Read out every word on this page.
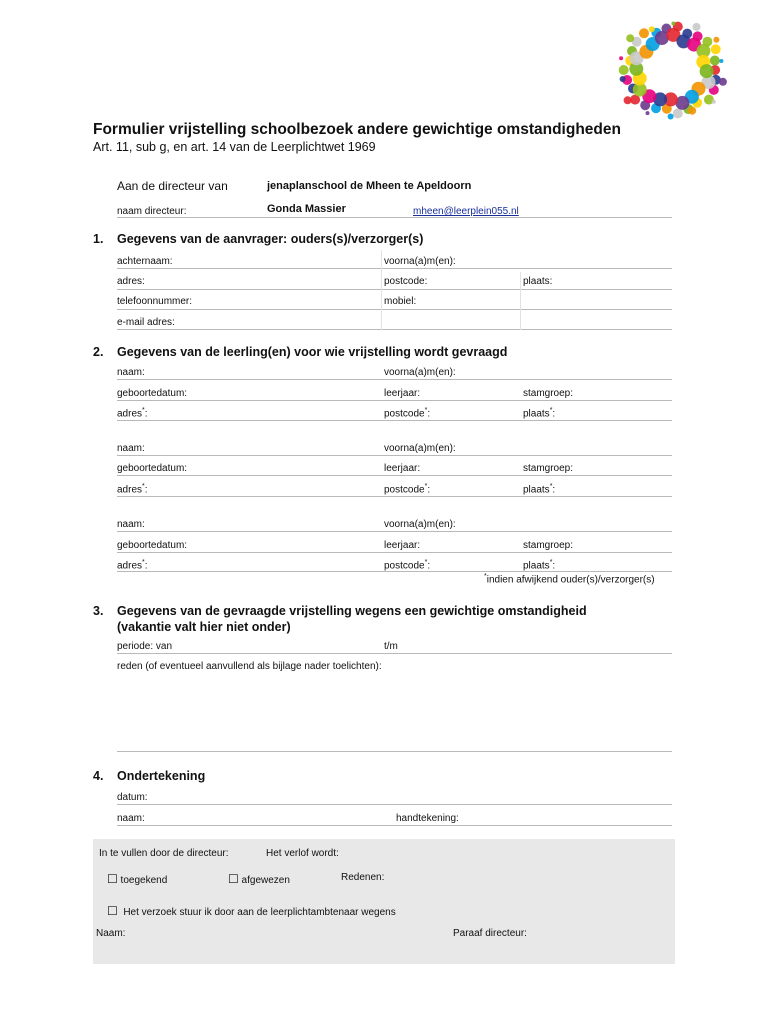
Formulier vrijstelling schoolbezoek andere gewichtige omstandigheden
Art. 11, sub g, en art. 14 van de Leerplichtwet 1969
Aan de directeur van	jenaplanschool de Mheen te Apeldoorn
naam directeur:	Gonda Massier	mheen@leerplein055.nl
1. Gegevens van de aanvrager: ouders(s)/verzorger(s)
achternaam:	voorna(a)m(en):
adres:	postcode:	plaats:
telefoonnummer:	mobiel:
e-mail adres:
2. Gegevens van de leerling(en) voor wie vrijstelling wordt gevraagd
naam:	voorna(a)m(en):
geboortedatum:	leerjaar:	stamgroep:
adres*:	postcode*:	plaats*:
naam:	voorna(a)m(en):
geboortedatum:	leerjaar:	stamgroep:
adres*:	postcode*:	plaats*:
naam:	voorna(a)m(en):
geboortedatum:	leerjaar:	stamgroep:
adres*:	postcode*:	plaats*:
*indien afwijkend ouder(s)/verzorger(s)
3. Gegevens van de gevraagde vrijstelling wegens een gewichtige omstandigheid
(vakantie valt hier niet onder)
periode: van	t/m
reden (of eventueel aanvullend als bijlage nader toelichten):
4. Ondertekening
datum:
naam:	handtekening:
In te vullen door de directeur:	Het verlof wordt:
☐ toegekend	☐ afgewezen	Redenen:
☐ Het verzoek stuur ik door aan de leerplichtambtenaar wegens
Naam:	Paraaf directeur:
